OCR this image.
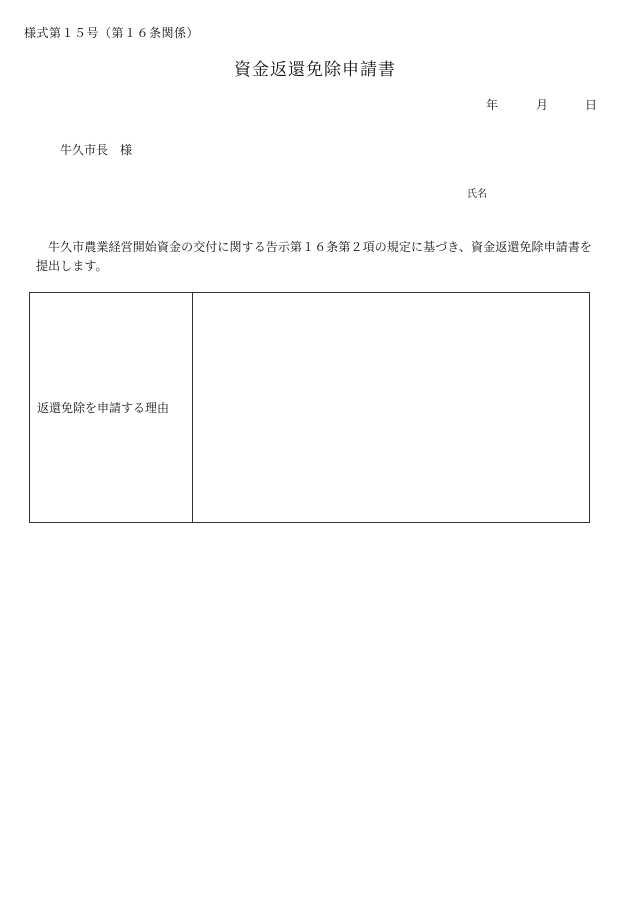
様式第１５号（第１６条関係）
資金返還免除申請書
年	月	日
牛久市長　様
氏名
牛久市農業経営開始資金の交付に関する告示第１６条第２項の規定に基づき、資金返還免除申請書を提出します。
返還免除を申請する理由
